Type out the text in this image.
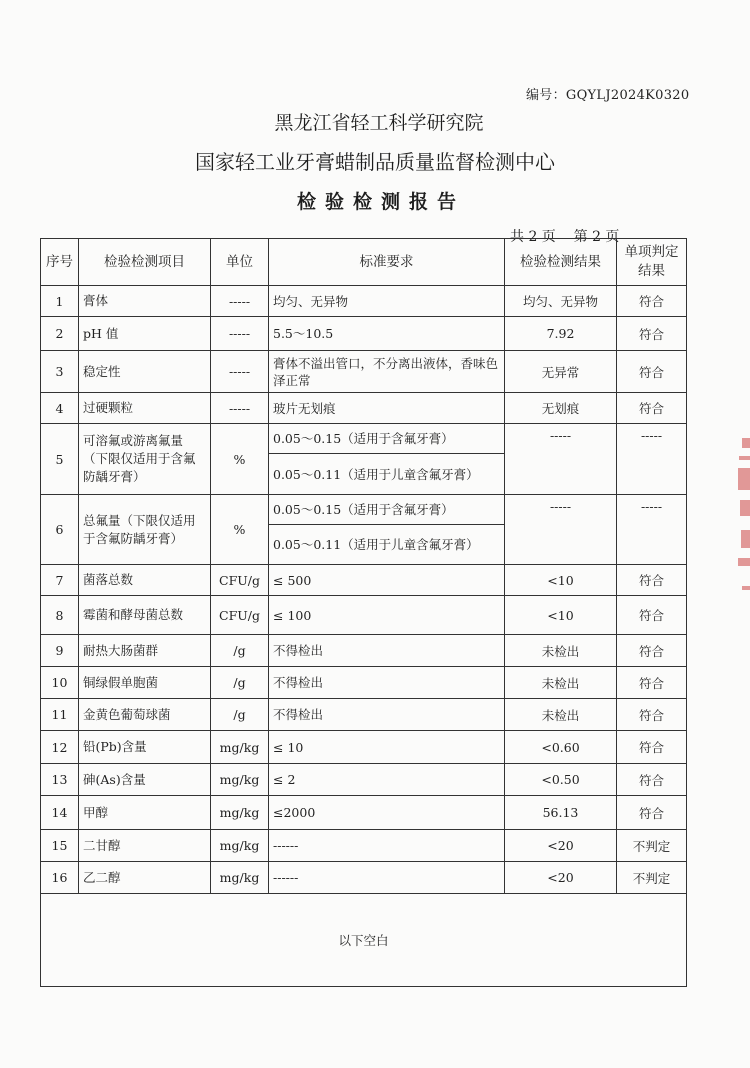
编号：GQYLJ2024K0320
黑龙江省轻工科学研究院
国家轻工业牙膏蜡制品质量监督检测中心
检验检测报告
共 2 页 第 2 页
序号	检验检测项目	单位	标准要求	检验检测结果	单项判定结果
1	膏体	-----	均匀、无异物	均匀、无异物	符合
2	pH 值	-----	5.5～10.5	7.92	符合
3	稳定性	-----	膏体不溢出管口，不分离出液体，香味色泽正常	无异常	符合
4	过硬颗粒	-----	玻片无划痕	无划痕	符合
5	可溶氟或游离氟量（下限仅适用于含氟防龋牙膏）	%	0.05～0.15（适用于含氟牙膏）	-----	-----
			0.05～0.11（适用于儿童含氟牙膏）		
6	总氟量（下限仅适用于含氟防龋牙膏）	%	0.05～0.15（适用于含氟牙膏）	-----	-----
			0.05～0.11（适用于儿童含氟牙膏）		
7	菌落总数	CFU/g	≤ 500	<10	符合
8	霉菌和酵母菌总数	CFU/g	≤ 100	<10	符合
9	耐热大肠菌群	/g	不得检出	未检出	符合
10	铜绿假单胞菌	/g	不得检出	未检出	符合
11	金黄色葡萄球菌	/g	不得检出	未检出	符合
12	铅(Pb)含量	mg/kg	≤ 10	<0.60	符合
13	砷(As)含量	mg/kg	≤ 2	<0.50	符合
14	甲醇	mg/kg	≤2000	56.13	符合
15	二甘醇	mg/kg	------	<20	不判定
16	乙二醇	mg/kg	------	<20	不判定
以下空白					
